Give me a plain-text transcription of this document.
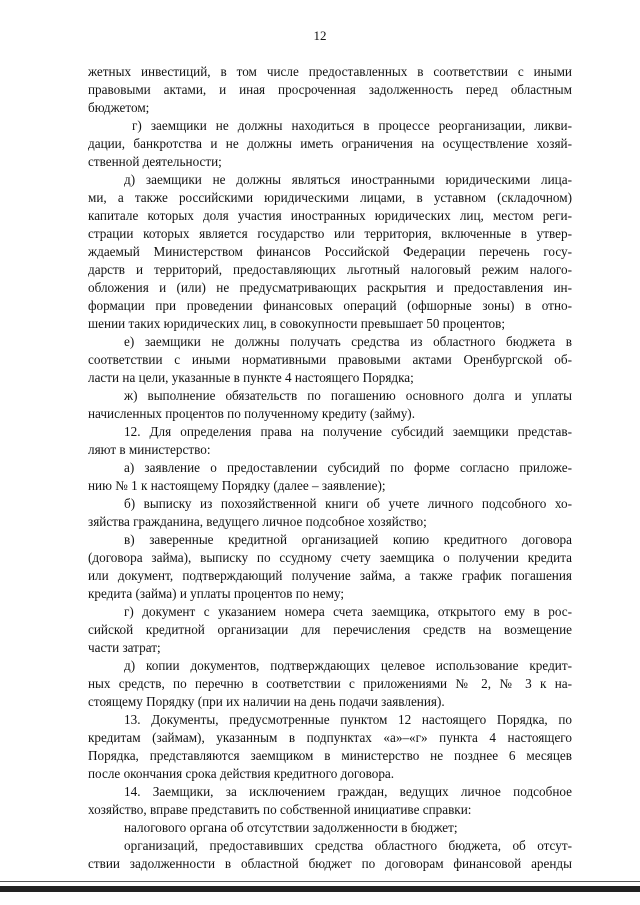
12
жетных инвестиций, в том числе предоставленных в соответствии с иными
правовыми актами, и иная просроченная задолженность перед областным
бюджетом;
г) заемщики не должны находиться в процессе реорганизации, ликви-
дации, банкротства и не должны иметь ограничения на осуществление хозяй-
ственной деятельности;
д) заемщики не должны являться иностранными юридическими лица-
ми, а также российскими юридическими лицами, в уставном (складочном)
капитале которых доля участия иностранных юридических лиц, местом реги-
страции которых является государство или территория, включенные в утвер-
ждаемый Министерством финансов Российской Федерации перечень госу-
дарств и территорий, предоставляющих льготный налоговый режим налого-
обложения и (или) не предусматривающих раскрытия и предоставления ин-
формации при проведении финансовых операций (офшорные зоны) в отно-
шении таких юридических лиц, в совокупности превышает 50 процентов;
е) заемщики не должны получать средства из областного бюджета в
соответствии с иными нормативными правовыми актами Оренбургской об-
ласти на цели, указанные в пункте 4 настоящего Порядка;
ж) выполнение обязательств по погашению основного долга и уплаты
начисленных процентов по полученному кредиту (займу).
12. Для определения права на получение субсидий заемщики представ-
ляют в министерство:
а) заявление о предоставлении субсидий по форме согласно приложе-
нию № 1 к настоящему Порядку (далее – заявление);
б) выписку из похозяйственной книги об учете личного подсобного хо-
зяйства гражданина, ведущего личное подсобное хозяйство;
в) заверенные кредитной организацией копию кредитного договора
(договора займа), выписку по ссудному счету заемщика о получении кредита
или документ, подтверждающий получение займа, а также график погашения
кредита (займа) и уплаты процентов по нему;
г) документ с указанием номера счета заемщика, открытого ему в рос-
сийской кредитной организации для перечисления средств на возмещение
части затрат;
д) копии документов, подтверждающих целевое использование кредит-
ных средств, по перечню в соответствии с приложениями № 2, № 3 к на-
стоящему Порядку (при их наличии на день подачи заявления).
13. Документы, предусмотренные пунктом 12 настоящего Порядка, по
кредитам (займам), указанным в подпунктах «а»–«г» пункта 4 настоящего
Порядка, представляются заемщиком в министерство не позднее 6 месяцев
после окончания срока действия кредитного договора.
14. Заемщики, за исключением граждан, ведущих личное подсобное
хозяйство, вправе представить по собственной инициативе справки:
налогового органа об отсутствии задолженности в бюджет;
организаций, предоставивших средства областного бюджета, об отсут-
ствии задолженности в областной бюджет по договорам финансовой аренды
